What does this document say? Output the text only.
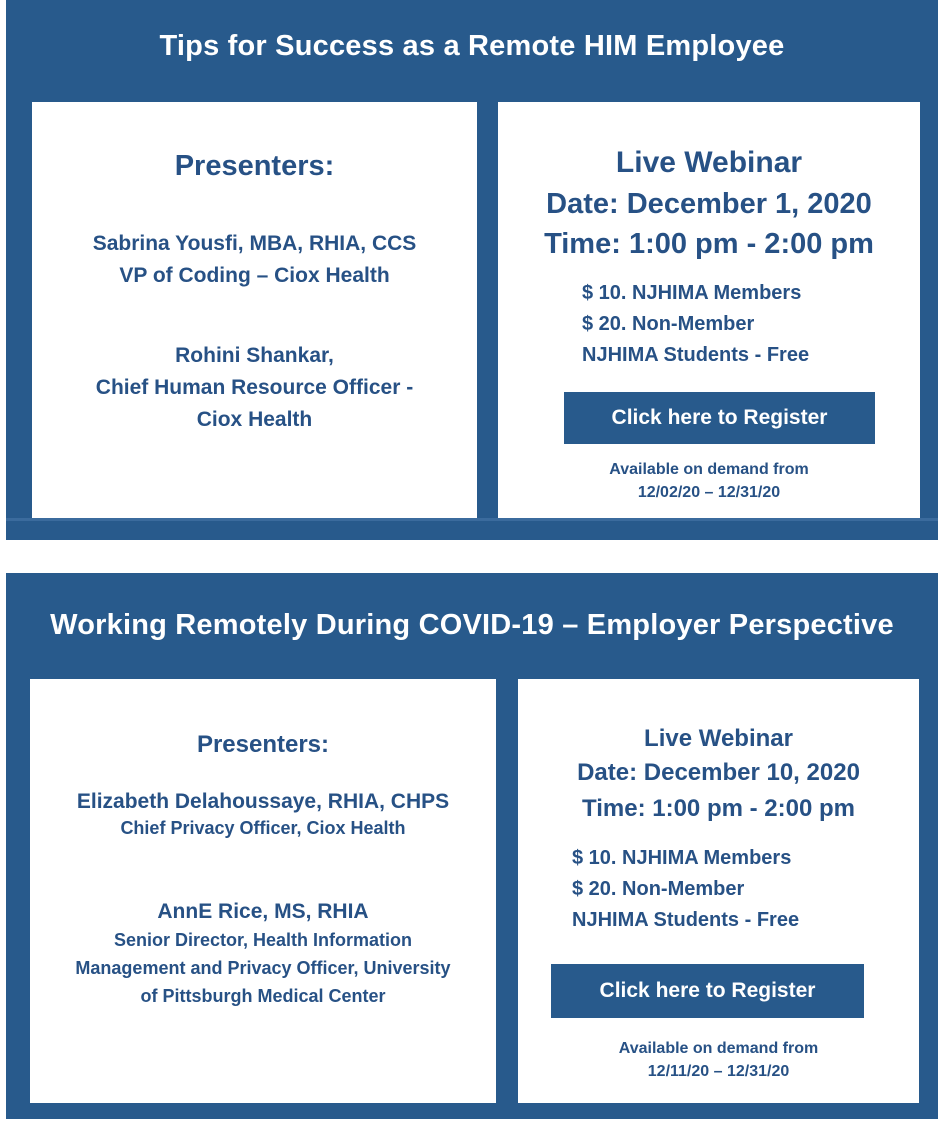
Tips for Success as a Remote HIM Employee
Presenters:
Sabrina Yousfi, MBA, RHIA, CCS
VP of Coding – Ciox Health
Rohini Shankar,
Chief Human Resource Officer -
Ciox Health
Live Webinar
Date: December 1, 2020
Time: 1:00 pm - 2:00 pm
$ 10. NJHIMA Members
$ 20. Non-Member
NJHIMA Students - Free
Click here to Register
Available on demand from
12/02/20 – 12/31/20
Working Remotely During COVID-19 – Employer Perspective
Presenters:
Elizabeth Delahoussaye, RHIA, CHPS
Chief Privacy Officer, Ciox Health
AnnE Rice, MS, RHIA
Senior Director, Health Information
Management and Privacy Officer, University
of Pittsburgh Medical Center
Live Webinar
Date: December 10, 2020
Time: 1:00 pm - 2:00 pm
$ 10. NJHIMA Members
$ 20. Non-Member
NJHIMA Students - Free
Click here to Register
Available on demand from
12/11/20 – 12/31/20
